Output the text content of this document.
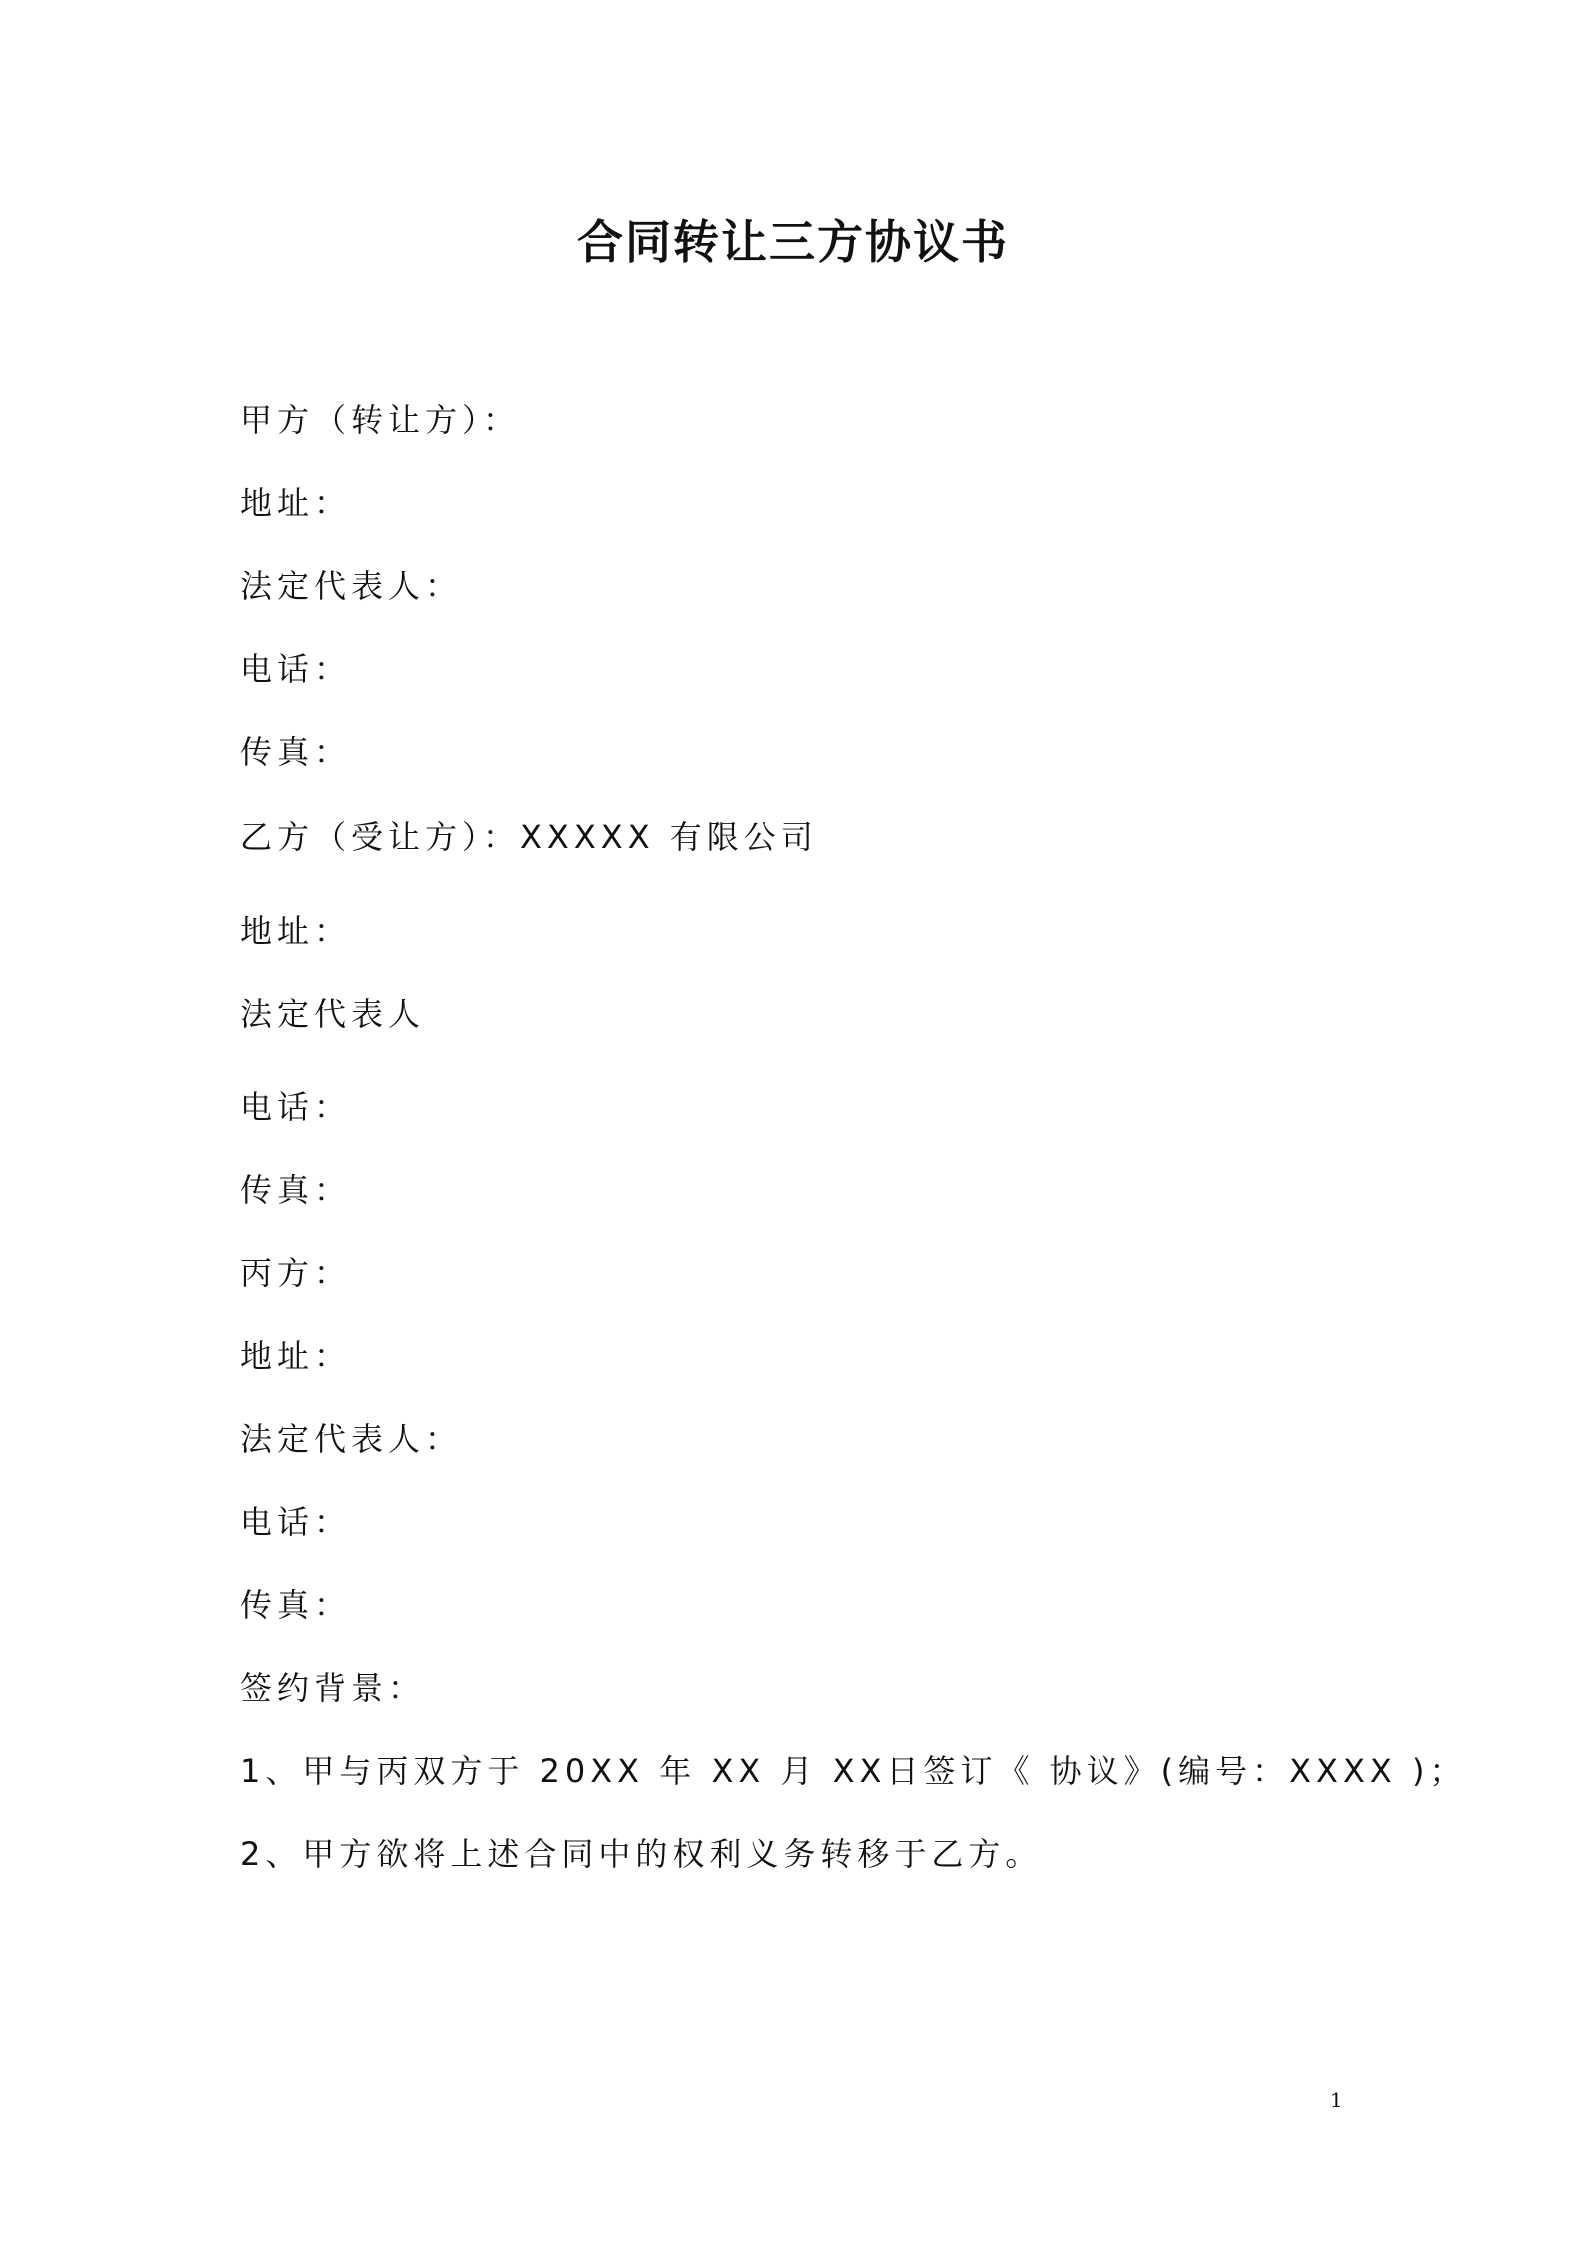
合同转让三方协议书
甲方（转让方）：
地址：
法定代表人：
电话：
传真：
乙方（受让方）：XXXXX 有限公司
地址：
法定代表人
电话：
传真：
丙方：
地址：
法定代表人：
电话：
传真：
签约背景：
1、甲与丙双方于 20XX 年 XX 月 XX日签订《 协议》(编号：XXXX )；
2、甲方欲将上述合同中的权利义务转移于乙方。
1
